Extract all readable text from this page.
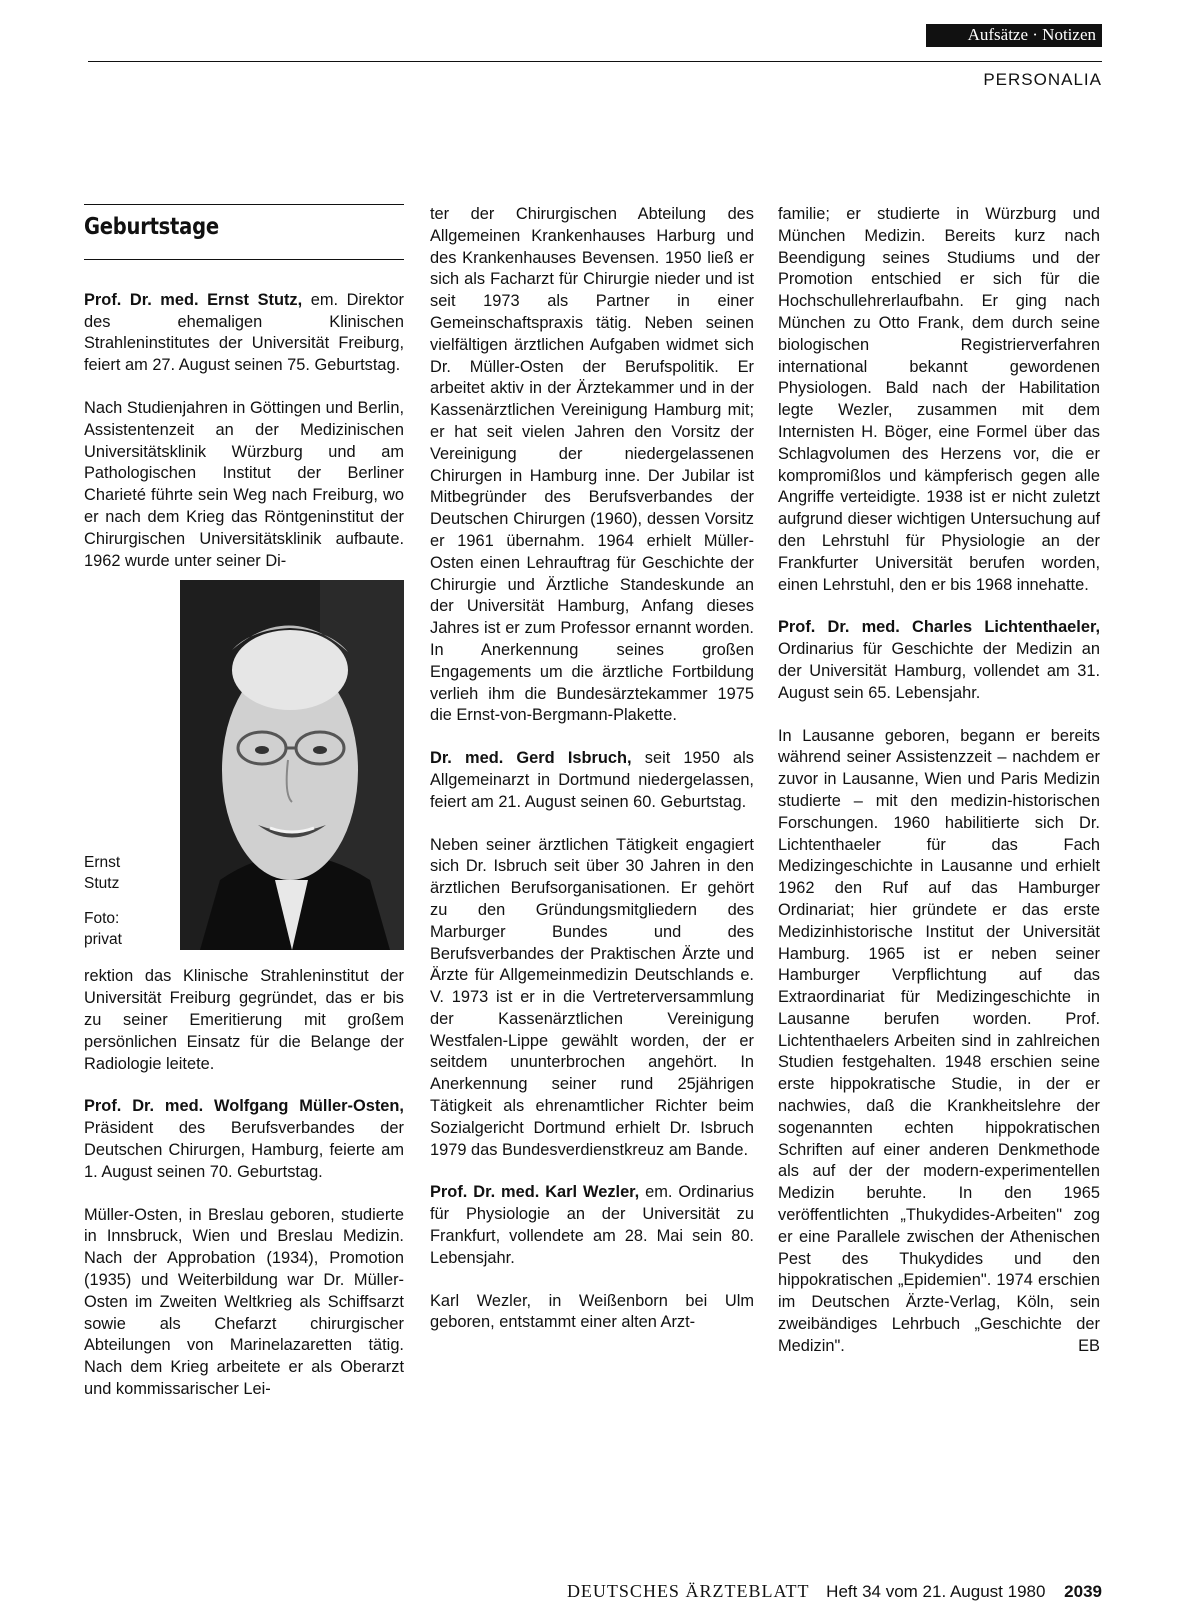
Aufsätze · Notizen
PERSONALIA
Geburtstage

Prof. Dr. med. Ernst Stutz, em. Direktor des ehemaligen Klinischen Strahleninstitutes der Universität Freiburg, feiert am 27. August seinen 75. Geburtstag.

Nach Studienjahren in Göttingen und Berlin, Assistentenzeit an der Medizinischen Universitätsklinik Würzburg und am Pathologischen Institut der Berliner Charieté führte sein Weg nach Freiburg, wo er nach dem Krieg das Röntgeninstitut der Chirurgischen Universitätsklinik aufbaute. 1962 wurde unter seiner Di-

Ernst Stutz
Foto: privat

rektion das Klinische Strahleninstitut der Universität Freiburg gegründet, das er bis zu seiner Emeritierung mit großem persönlichen Einsatz für die Belange der Radiologie leitete.

Prof. Dr. med. Wolfgang Müller-Osten, Präsident des Berufsverbandes der Deutschen Chirurgen, Hamburg, feierte am 1. August seinen 70. Geburtstag.

Müller-Osten, in Breslau geboren, studierte in Innsbruck, Wien und Breslau Medizin. Nach der Approbation (1934), Promotion (1935) und Weiterbildung war Dr. Müller-Osten im Zweiten Weltkrieg als Schiffsarzt sowie als Chefarzt chirurgischer Abteilungen von Marinelazaretten tätig. Nach dem Krieg arbeitete er als Oberarzt und kommissarischer Lei-

ter der Chirurgischen Abteilung des Allgemeinen Krankenhauses Harburg und des Krankenhauses Bevensen. 1950 ließ er sich als Facharzt für Chirurgie nieder und ist seit 1973 als Partner in einer Gemeinschaftspraxis tätig. Neben seinen vielfältigen ärztlichen Aufgaben widmet sich Dr. Müller-Osten der Berufspolitik. Er arbeitet aktiv in der Ärztekammer und in der Kassenärztlichen Vereinigung Hamburg mit; er hat seit vielen Jahren den Vorsitz der Vereinigung der niedergelassenen Chirurgen in Hamburg inne. Der Jubilar ist Mitbegründer des Berufsverbandes der Deutschen Chirurgen (1960), dessen Vorsitz er 1961 übernahm. 1964 erhielt Müller-Osten einen Lehrauftrag für Geschichte der Chirurgie und Ärztliche Standeskunde an der Universität Hamburg, Anfang dieses Jahres ist er zum Professor ernannt worden. In Anerkennung seines großen Engagements um die ärztliche Fortbildung verlieh ihm die Bundesärztekammer 1975 die Ernst-von-Bergmann-Plakette.

Dr. med. Gerd Isbruch, seit 1950 als Allgemeinarzt in Dortmund niedergelassen, feiert am 21. August seinen 60. Geburtstag.

Neben seiner ärztlichen Tätigkeit engagiert sich Dr. Isbruch seit über 30 Jahren in den ärztlichen Berufsorganisationen. Er gehört zu den Gründungsmitgliedern des Marburger Bundes und des Berufsverbandes der Praktischen Ärzte und Ärzte für Allgemeinmedizin Deutschlands e. V. 1973 ist er in die Vertreterversammlung der Kassenärztlichen Vereinigung Westfalen-Lippe gewählt worden, der er seitdem ununterbrochen angehört. In Anerkennung seiner rund 25jährigen Tätigkeit als ehrenamtlicher Richter beim Sozialgericht Dortmund erhielt Dr. Isbruch 1979 das Bundesverdienstkreuz am Bande.

Prof. Dr. med. Karl Wezler, em. Ordinarius für Physiologie an der Universität zu Frankfurt, vollendete am 28. Mai sein 80. Lebensjahr.

Karl Wezler, in Weißenborn bei Ulm geboren, entstammt einer alten Arzt-

familie; er studierte in Würzburg und München Medizin. Bereits kurz nach Beendigung seines Studiums und der Promotion entschied er sich für die Hochschullehrerlaufbahn. Er ging nach München zu Otto Frank, dem durch seine biologischen Registrierverfahren international bekannt gewordenen Physiologen. Bald nach der Habilitation legte Wezler, zusammen mit dem Internisten H. Böger, eine Formel über das Schlagvolumen des Herzens vor, die er kompromißlos und kämpferisch gegen alle Angriffe verteidigte. 1938 ist er nicht zuletzt aufgrund dieser wichtigen Untersuchung auf den Lehrstuhl für Physiologie an der Frankfurter Universität berufen worden, einen Lehrstuhl, den er bis 1968 innehatte.

Prof. Dr. med. Charles Lichtenthaeler, Ordinarius für Geschichte der Medizin an der Universität Hamburg, vollendet am 31. August sein 65. Lebensjahr.

In Lausanne geboren, begann er bereits während seiner Assistenzzeit – nachdem er zuvor in Lausanne, Wien und Paris Medizin studierte – mit den medizin-historischen Forschungen. 1960 habilitierte sich Dr. Lichtenthaeler für das Fach Medizingeschichte in Lausanne und erhielt 1962 den Ruf auf das Hamburger Ordinariat; hier gründete er das erste Medizinhistorische Institut der Universität Hamburg. 1965 ist er neben seiner Hamburger Verpflichtung auf das Extraordinariat für Medizingeschichte in Lausanne berufen worden. Prof. Lichtenthaelers Arbeiten sind in zahlreichen Studien festgehalten. 1948 erschien seine erste hippokratische Studie, in der er nachwies, daß die Krankheitslehre der sogenannten echten hippokratischen Schriften auf einer anderen Denkmethode als auf der der modern-experimentellen Medizin beruhte. In den 1965 veröffentlichten „Thukydides-Arbeiten" zog er eine Parallele zwischen der Athenischen Pest des Thukydides und den hippokratischen „Epidemien". 1974 erschien im Deutschen Ärzte-Verlag, Köln, sein zweibändiges Lehrbuch „Geschichte der Medizin".	EB

DEUTSCHES ÄRZTEBLATT Heft 34 vom 21. August 1980 2039
